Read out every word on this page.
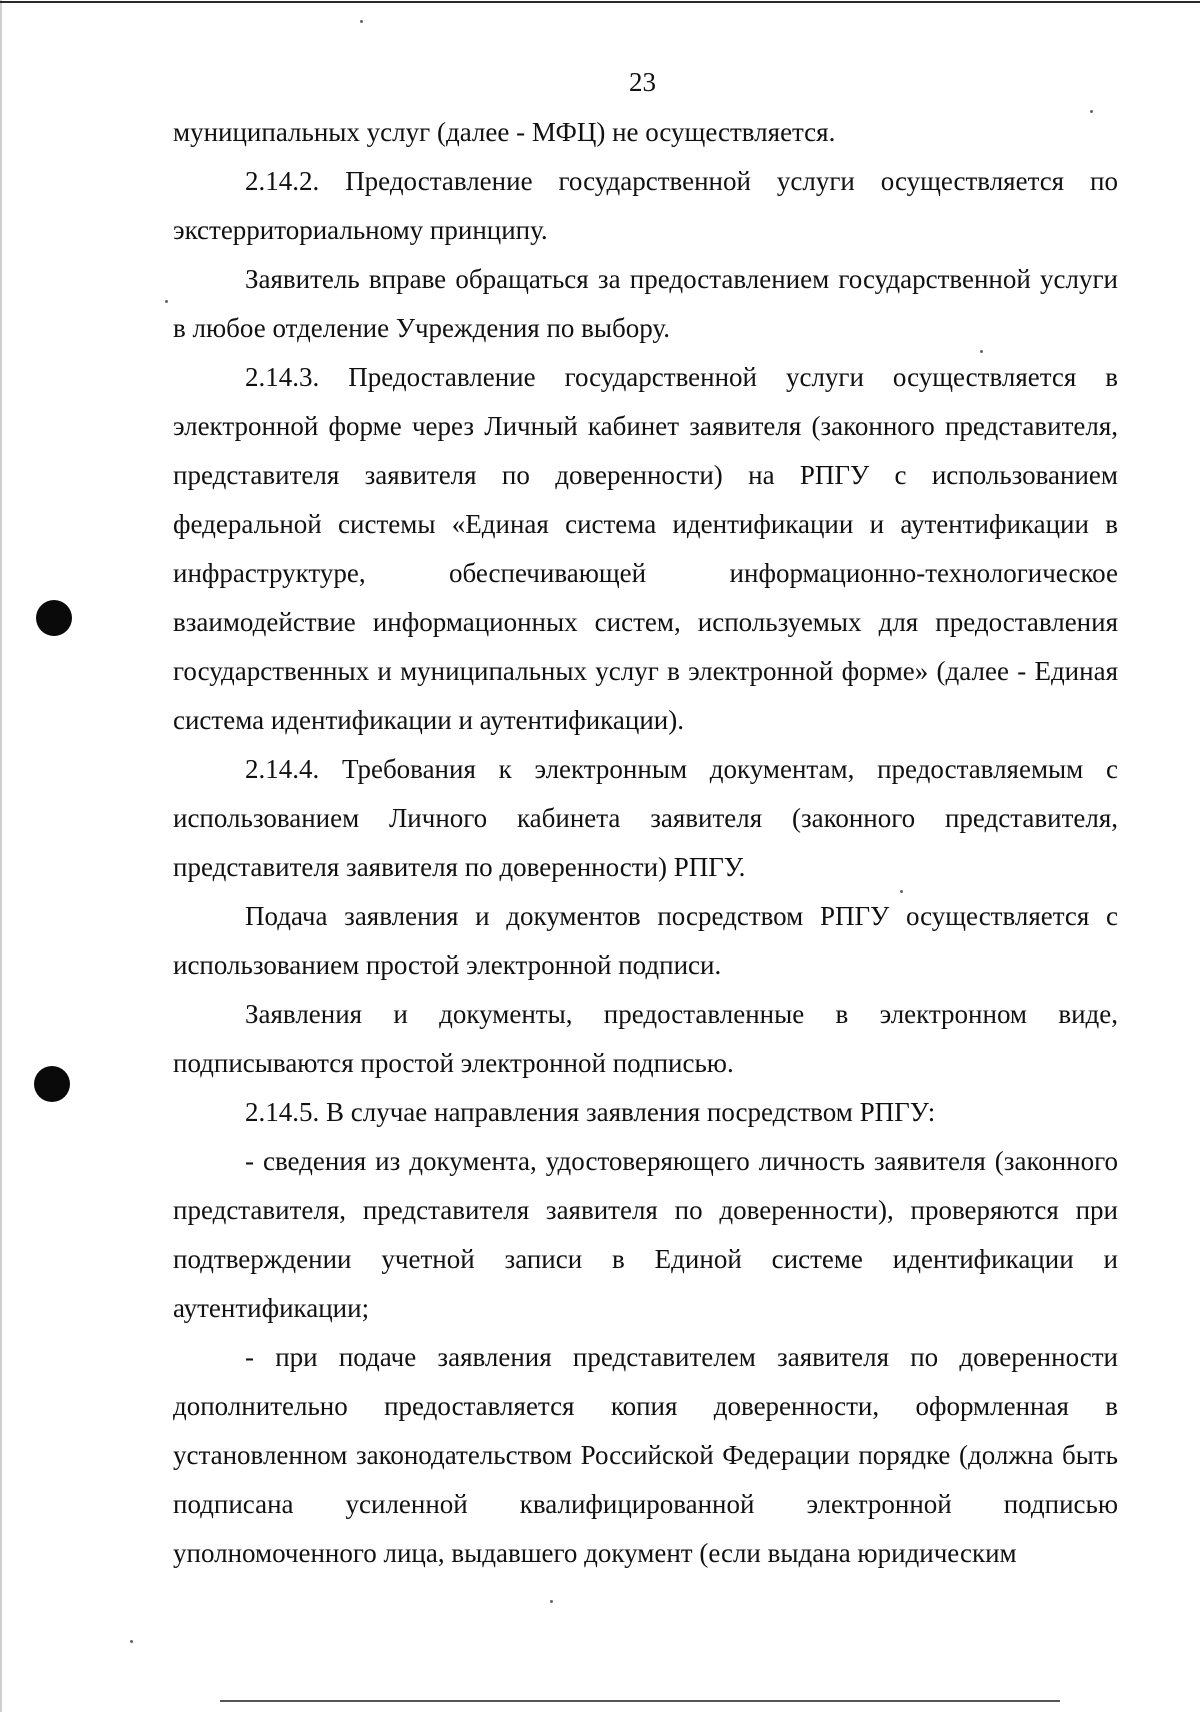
23

муниципальных услуг (далее - МФЦ) не осуществляется.

2.14.2. Предоставление государственной услуги осуществляется по экстерриториальному принципу.

Заявитель вправе обращаться за предоставлением государственной услуги в любое отделение Учреждения по выбору.

2.14.3. Предоставление государственной услуги осуществляется в электронной форме через Личный кабинет заявителя (законного представителя, представителя заявителя по доверенности) на РПГУ с использованием федеральной системы «Единая система идентификации и аутентификации в инфраструктуре, обеспечивающей информационно-технологическое взаимодействие информационных систем, используемых для предоставления государственных и муниципальных услуг в электронной форме» (далее - Единая система идентификации и аутентификации).

2.14.4. Требования к электронным документам, предоставляемым с использованием Личного кабинета заявителя (законного представителя, представителя заявителя по доверенности) РПГУ.

Подача заявления и документов посредством РПГУ осуществляется с использованием простой электронной подписи.

Заявления и документы, предоставленные в электронном виде, подписываются простой электронной подписью.

2.14.5. В случае направления заявления посредством РПГУ:

- сведения из документа, удостоверяющего личность заявителя (законного представителя, представителя заявителя по доверенности), проверяются при подтверждении учетной записи в Единой системе идентификации и аутентификации;

- при подаче заявления представителем заявителя по доверенности дополнительно предоставляется копия доверенности, оформленная в установленном законодательством Российской Федерации порядке (должна быть подписана усиленной квалифицированной электронной подписью уполномоченного лица, выдавшего документ (если выдана юридическим
